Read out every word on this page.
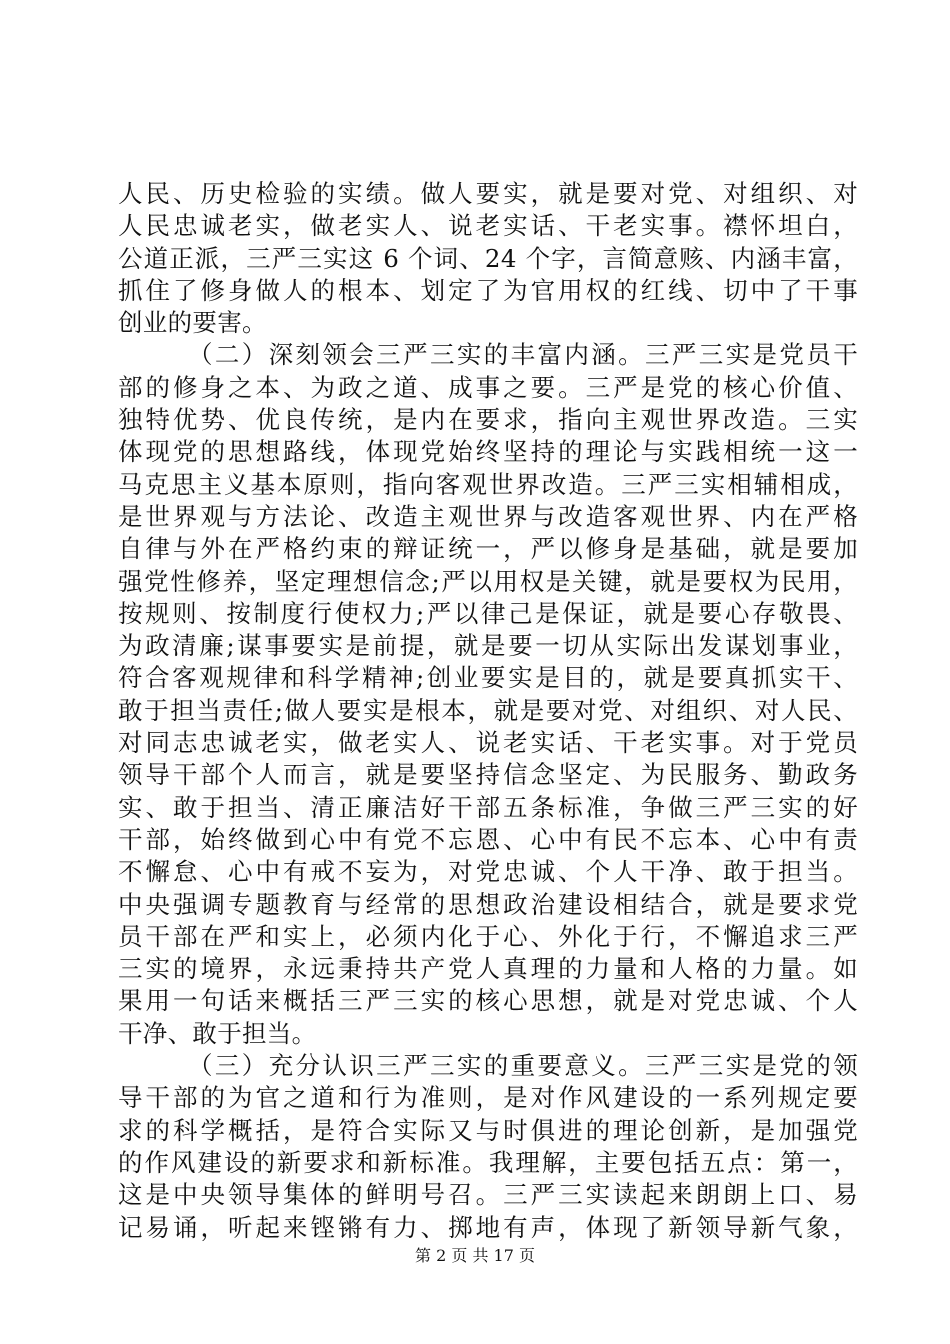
人民、历史检验的实绩。做人要实，就是要对党、对组织、对
人民忠诚老实，做老实人、说老实话、干老实事。襟怀坦白，
公道正派，三严三实这 6 个词、24 个字，言简意赅、内涵丰富，
抓住了修身做人的根本、划定了为官用权的红线、切中了干事
创业的要害。
（二）深刻领会三严三实的丰富内涵。三严三实是党员干
部的修身之本、为政之道、成事之要。三严是党的核心价值、
独特优势、优良传统，是内在要求，指向主观世界改造。三实
体现党的思想路线，体现党始终坚持的理论与实践相统一这一
马克思主义基本原则，指向客观世界改造。三严三实相辅相成，
是世界观与方法论、改造主观世界与改造客观世界、内在严格
自律与外在严格约束的辩证统一，严以修身是基础，就是要加
强党性修养，坚定理想信念;严以用权是关键，就是要权为民用，
按规则、按制度行使权力;严以律己是保证，就是要心存敬畏、
为政清廉;谋事要实是前提，就是要一切从实际出发谋划事业，
符合客观规律和科学精神;创业要实是目的，就是要真抓实干、
敢于担当责任;做人要实是根本，就是要对党、对组织、对人民、
对同志忠诚老实，做老实人、说老实话、干老实事。对于党员
领导干部个人而言，就是要坚持信念坚定、为民服务、勤政务
实、敢于担当、清正廉洁好干部五条标准，争做三严三实的好
干部，始终做到心中有党不忘恩、心中有民不忘本、心中有责
不懈怠、心中有戒不妄为，对党忠诚、个人干净、敢于担当。
中央强调专题教育与经常的思想政治建设相结合，就是要求党
员干部在严和实上，必须内化于心、外化于行，不懈追求三严
三实的境界，永远秉持共产党人真理的力量和人格的力量。如
果用一句话来概括三严三实的核心思想，就是对党忠诚、个人
干净、敢于担当。
（三）充分认识三严三实的重要意义。三严三实是党的领
导干部的为官之道和行为准则，是对作风建设的一系列规定要
求的科学概括，是符合实际又与时俱进的理论创新，是加强党
的作风建设的新要求和新标准。我理解，主要包括五点：第一，
这是中央领导集体的鲜明号召。三严三实读起来朗朗上口、易
记易诵，听起来铿锵有力、掷地有声，体现了新领导新气象，
第 2 页 共 17 页
